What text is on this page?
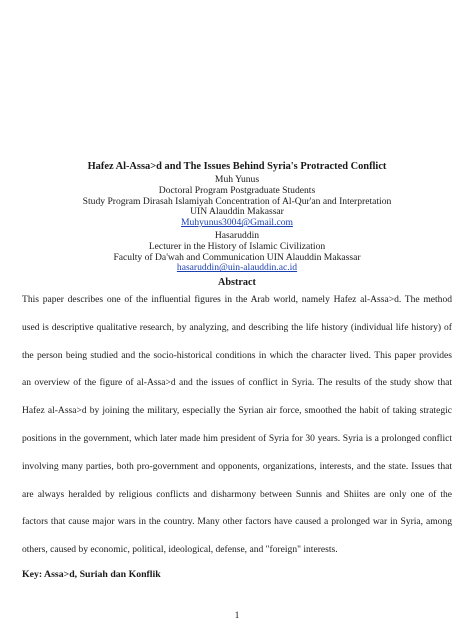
Hafez Al-Assa>d and The Issues Behind Syria's Protracted Conflict
Muh Yunus
Doctoral Program Postgraduate Students
Study Program Dirasah Islamiyah Concentration of Al-Qur'an and Interpretation
UIN Alauddin Makassar
Muhyunus3004@Gmail.com
Hasaruddin
Lecturer in the History of Islamic Civilization
Faculty of Da'wah and Communication UIN Alauddin Makassar
hasaruddin@uin-alauddin.ac.id
Abstract
This paper describes one of the influential figures in the Arab world, namely Hafez al-Assa>d. The method
used is descriptive qualitative research, by analyzing, and describing the life history (individual life history) of
the person being studied and the socio-historical conditions in which the character lived. This paper provides
an overview of the figure of al-Assa>d and the issues of conflict in Syria. The results of the study show that
Hafez al-Assa>d by joining the military, especially the Syrian air force, smoothed the habit of taking strategic
positions in the government, which later made him president of Syria for 30 years. Syria is a prolonged conflict
involving many parties, both pro-government and opponents, organizations, interests, and the state. Issues that
are always heralded by religious conflicts and disharmony between Sunnis and Shiites are only one of the
factors that cause major wars in the country. Many other factors have caused a prolonged war in Syria, among
others, caused by economic, political, ideological, defense, and "foreign" interests.
Key: Assa>d, Suriah dan Konflik
1
